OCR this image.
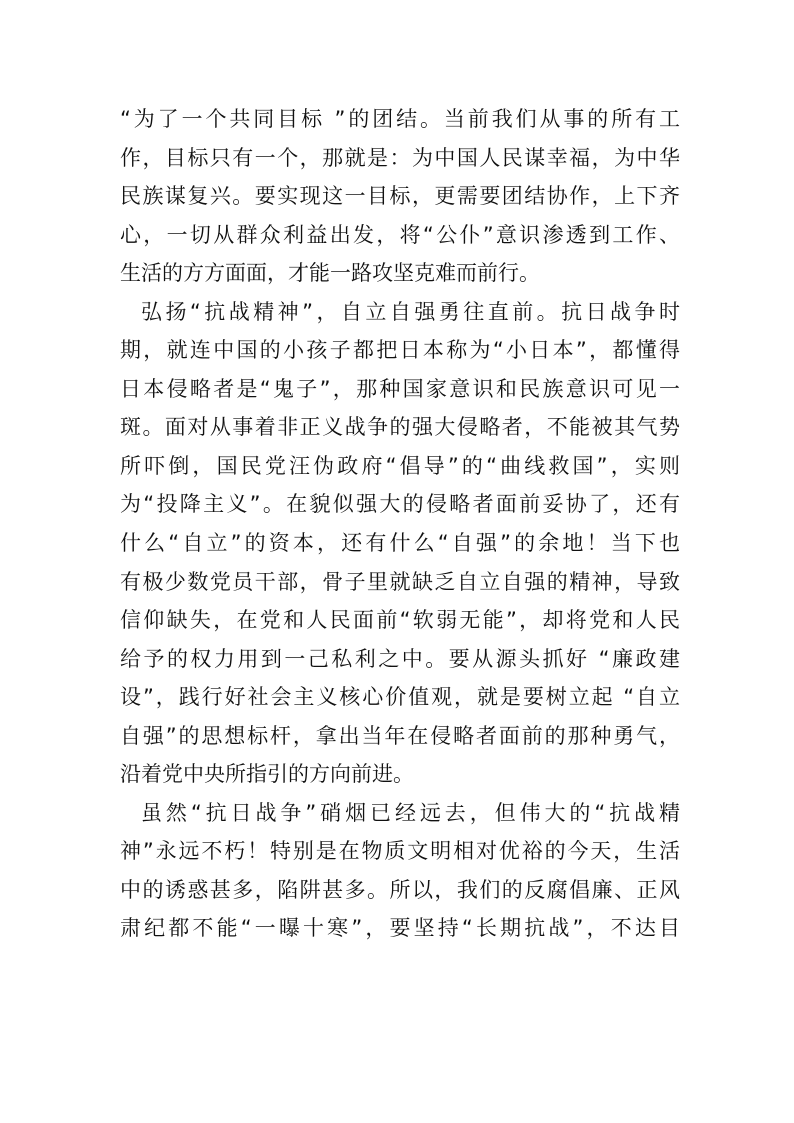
“为了一个共同目标 ”的团结。当前我们从事的所有工
作，目标只有一个，那就是：为中国人民谋幸福，为中华
民族谋复兴。要实现这一目标，更需要团结协作，上下齐
心，一切从群众利益出发，将“公仆”意识渗透到工作、
生活的方方面面，才能一路攻坚克难而前行。
弘扬“抗战精神”，自立自强勇往直前。抗日战争时
期，就连中国的小孩子都把日本称为“小日本”，都懂得
日本侵略者是“鬼子”，那种国家意识和民族意识可见一
斑。面对从事着非正义战争的强大侵略者，不能被其气势
所吓倒，国民党汪伪政府“倡导”的“曲线救国”，实则
为“投降主义”。在貌似强大的侵略者面前妥协了，还有
什么“自立”的资本，还有什么“自强”的余地！当下也
有极少数党员干部，骨子里就缺乏自立自强的精神，导致
信仰缺失，在党和人民面前“软弱无能”，却将党和人民
给予的权力用到一己私利之中。要从源头抓好 “廉政建
设”，践行好社会主义核心价值观，就是要树立起 “自立
自强”的思想标杆，拿出当年在侵略者面前的那种勇气，
沿着党中央所指引的方向前进。
虽然“抗日战争”硝烟已经远去，但伟大的“抗战精
神”永远不朽！特别是在物质文明相对优裕的今天，生活
中的诱惑甚多，陷阱甚多。所以，我们的反腐倡廉、正风
肃纪都不能“一曝十寒”，要坚持“长期抗战”，不达目
